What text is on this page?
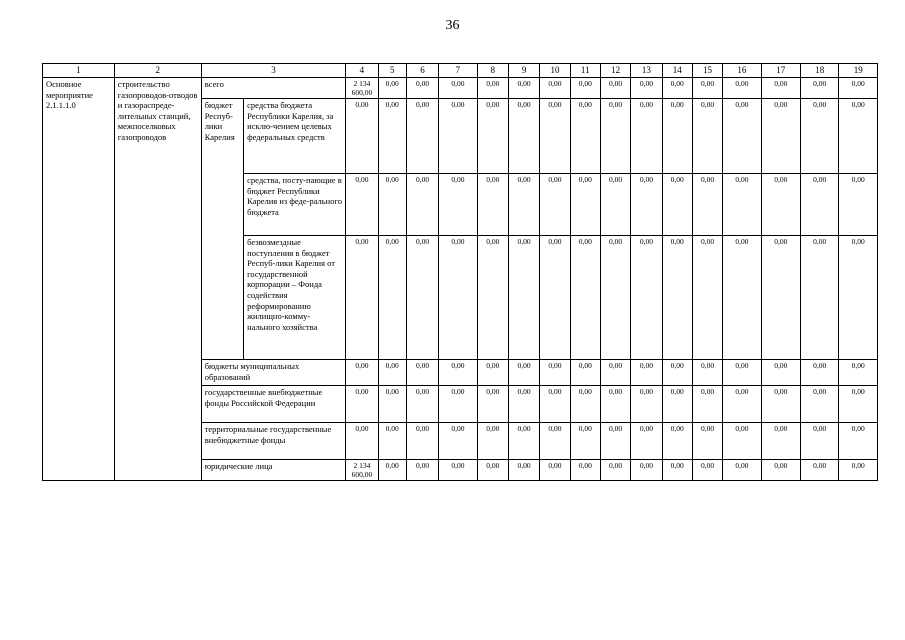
36
1	2	3		4	5	6	7	8	9	10	11	12	13	14	15	16	17	18	19
Основное мероприятие 2.1.1.1.0	строительство газопроводов-отводов и газораспреде-лительных станций, межпоселковых газопроводов	всего		2 134 600,00	0,00	0,00	0,00	0,00	0,00	0,00	0,00	0,00	0,00	0,00	0,00	0,00	0,00	0,00	0,00
		бюджет Респуб-лики Карелия	средства бюджета Республики Карелия, за исклю-чением целевых федеральных средств	0,00	0,00	0,00	0,00	0,00	0,00	0,00	0,00	0,00	0,00	0,00	0,00	0,00	0,00	0,00	0,00
			средства, посту-пающие в бюджет Республики Карелия из феде-рального бюджета	0,00	0,00	0,00	0,00	0,00	0,00	0,00	0,00	0,00	0,00	0,00	0,00	0,00	0,00	0,00	0,00
			безвозмездные поступления в бюджет Респуб-лики Карелия от государственной корпорации – Фонда содействия реформированию жилищно-комму-нального хозяйства	0,00	0,00	0,00	0,00	0,00	0,00	0,00	0,00	0,00	0,00	0,00	0,00	0,00	0,00	0,00	0,00
		бюджеты муниципальных образований		0,00	0,00	0,00	0,00	0,00	0,00	0,00	0,00	0,00	0,00	0,00	0,00	0,00	0,00	0,00	0,00
		государственные внебюджетные фонды Российской Федерации		0,00	0,00	0,00	0,00	0,00	0,00	0,00	0,00	0,00	0,00	0,00	0,00	0,00	0,00	0,00	0,00
		территориальные государственные внебюджетные фонды		0,00	0,00	0,00	0,00	0,00	0,00	0,00	0,00	0,00	0,00	0,00	0,00	0,00	0,00	0,00	0,00
		юридические лица		2 134 600,00	0,00	0,00	0,00	0,00	0,00	0,00	0,00	0,00	0,00	0,00	0,00	0,00	0,00	0,00	0,00
